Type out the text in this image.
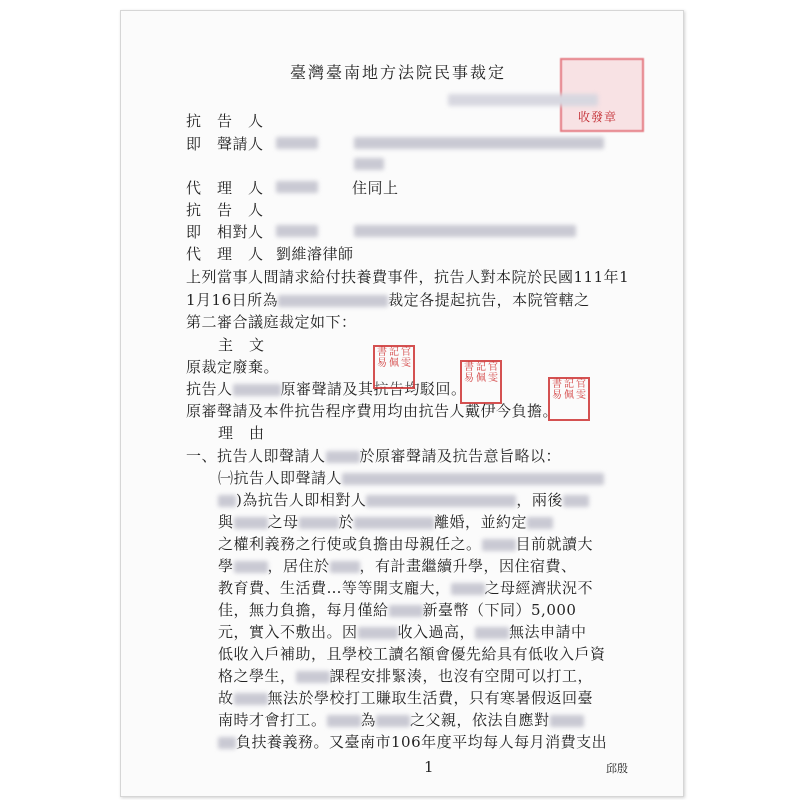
收發章
臺灣臺南地方法院民事裁定
抗　告　人
即　聲請人
代　理　人	住同上
抗　告　人
即　相對人
代　理　人 劉維濬律師
上列當事人間請求給付扶養費事件，抗告人對本院於民國111年1
1月16日所為	裁定各提起抗告，本院管轄之
第二審合議庭裁定如下：
主　文
原裁定廢棄。
抗告人	原審聲請及其抗告均駁回。
原審聲請及本件抗告程序費用均由抗告人戴伊今負擔。
書 記 官
易 佩 雯	書 記 官
易 佩 雯
書 記 官
易 佩 雯
理　由
一、抗告人即聲請人 於原審聲請及抗告意旨略以：
㈠抗告人即聲請人
)為抗告人即相對人	，兩後
與 之母	於	離婚，並約定
之權利義務之行使或負擔由母親任之。 目前就讀大
學 ，居住於 ，有計畫繼續升學，因住宿費、
教育費、生活費…等等開支龐大， 之母經濟狀況不
佳，無力負擔，每月僅給 新臺幣（下同）5,000
元，實入不敷出。因	收入過高， 無法申請中
低收入戶補助，且學校工讀名額會優先給具有低收入戶資
格之學生， 課程安排緊湊，也沒有空閒可以打工，
故 無法於學校打工賺取生活費，只有寒暑假返回臺
南時才會打工。 為 之父親，依法自應對
負扶養義務。又臺南市106年度平均每人每月消費支出
1	邱殷
